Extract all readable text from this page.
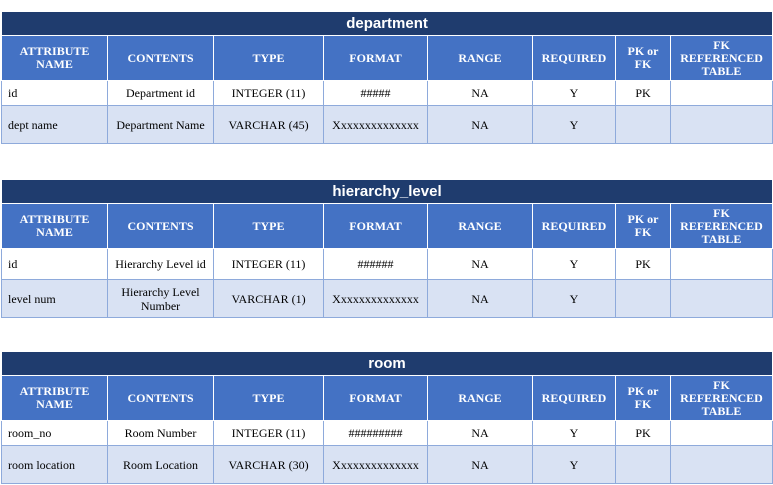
department							
ATTRIBUTE NAME	CONTENTS	TYPE	FORMAT	RANGE	REQUIRED	PK or FK	FK REFERENCED TABLE
id	Department id	INTEGER (11)	#####	NA	Y	PK	
dept name	Department Name	VARCHAR (45)	Xxxxxxxxxxxxxx	NA	Y		
hierarchy_level							
ATTRIBUTE NAME	CONTENTS	TYPE	FORMAT	RANGE	REQUIRED	PK or FK	FK REFERENCED TABLE
id	Hierarchy Level id	INTEGER (11)	######	NA	Y	PK	
level num	Hierarchy Level Number	VARCHAR (1)	Xxxxxxxxxxxxxx	NA	Y		
room							
ATTRIBUTE NAME	CONTENTS	TYPE	FORMAT	RANGE	REQUIRED	PK or FK	FK REFERENCED TABLE
room_no	Room Number	INTEGER (11)	#########	NA	Y	PK	
room location	Room Location	VARCHAR (30)	Xxxxxxxxxxxxxx	NA	Y		
